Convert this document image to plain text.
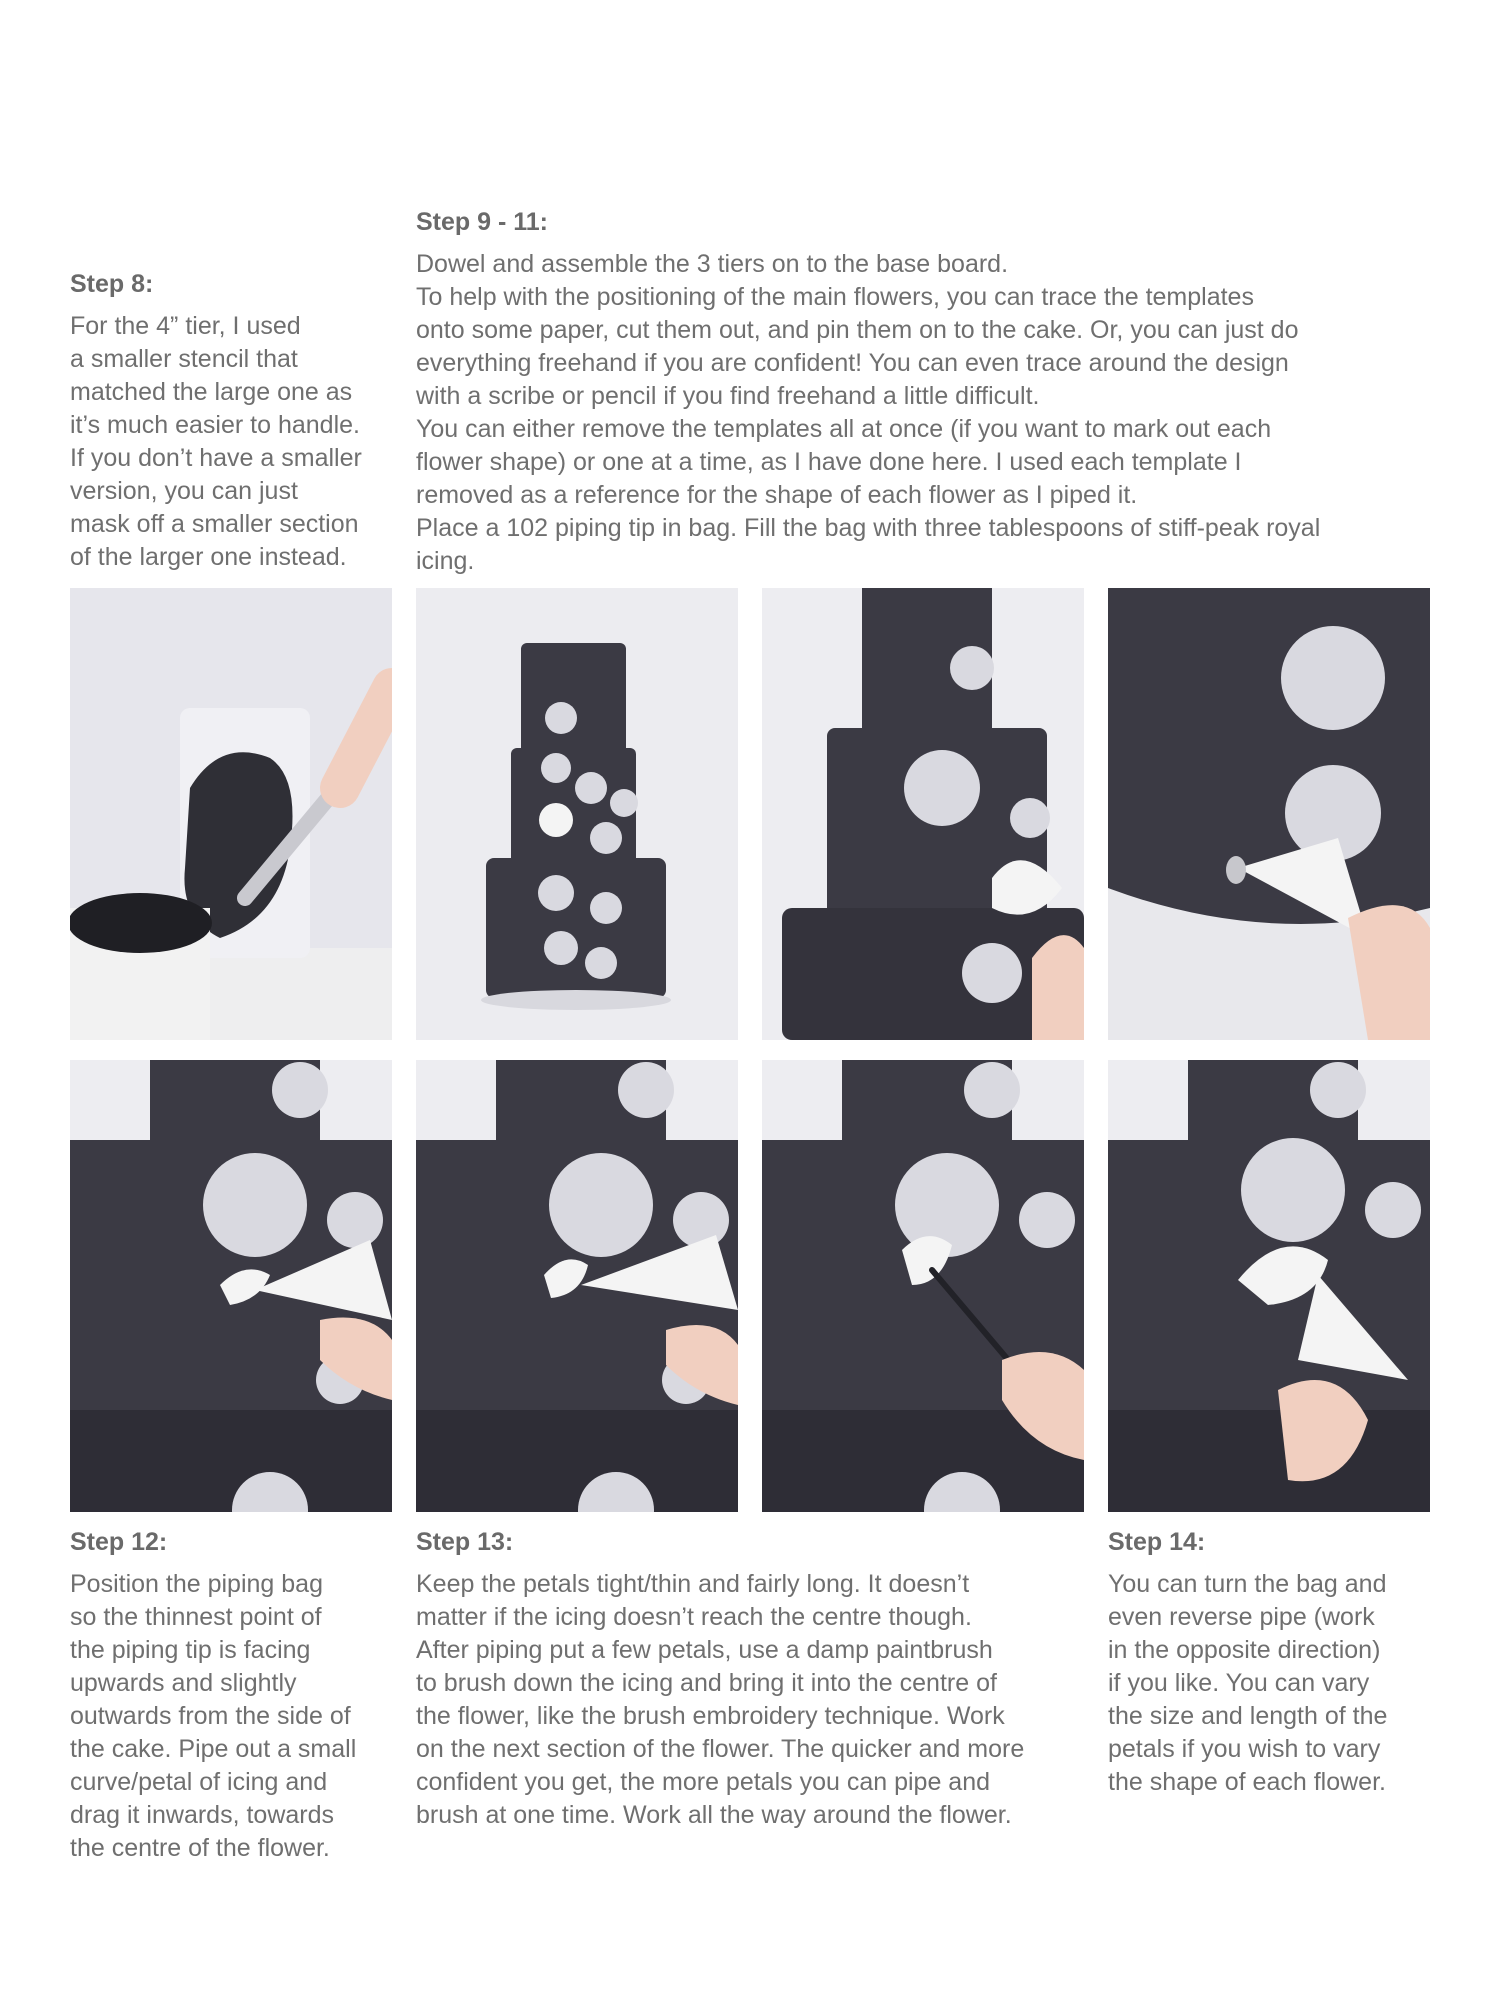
Step 8:

For the 4” tier, I used
a smaller stencil that
matched the large one as
it’s much easier to handle.
If you don’t have a smaller
version, you can just
mask off a smaller section
of the larger one instead.

Step 9 - 11:

Dowel and assemble the 3 tiers on to the base board.
To help with the positioning of the main flowers, you can trace the templates
onto some paper, cut them out, and pin them on to the cake. Or, you can just do
everything freehand if you are confident! You can even trace around the design
with a scribe or pencil if you find freehand a little difficult.
You can either remove the templates all at once (if you want to mark out each
flower shape) or one at a time, as I have done here. I used each template I
removed as a reference for the shape of each flower as I piped it.
Place a 102 piping tip in bag. Fill the bag with three tablespoons of stiff-peak royal
icing.

Step 12:

Position the piping bag
so the thinnest point of
the piping tip is facing
upwards and slightly
outwards from the side of
the cake. Pipe out a small
curve/petal of icing and
drag it inwards, towards
the centre of the flower.

Step 13:

Keep the petals tight/thin and fairly long. It doesn’t
matter if the icing doesn’t reach the centre though.
After piping put a few petals, use a damp paintbrush
to brush down the icing and bring it into the centre of
the flower, like the brush embroidery technique. Work
on the next section of the flower. The quicker and more
confident you get, the more petals you can pipe and
brush at one time. Work all the way around the flower.

Step 14:

You can turn the bag and
even reverse pipe (work
in the opposite direction)
if you like. You can vary
the size and length of the
petals if you wish to vary
the shape of each flower.
